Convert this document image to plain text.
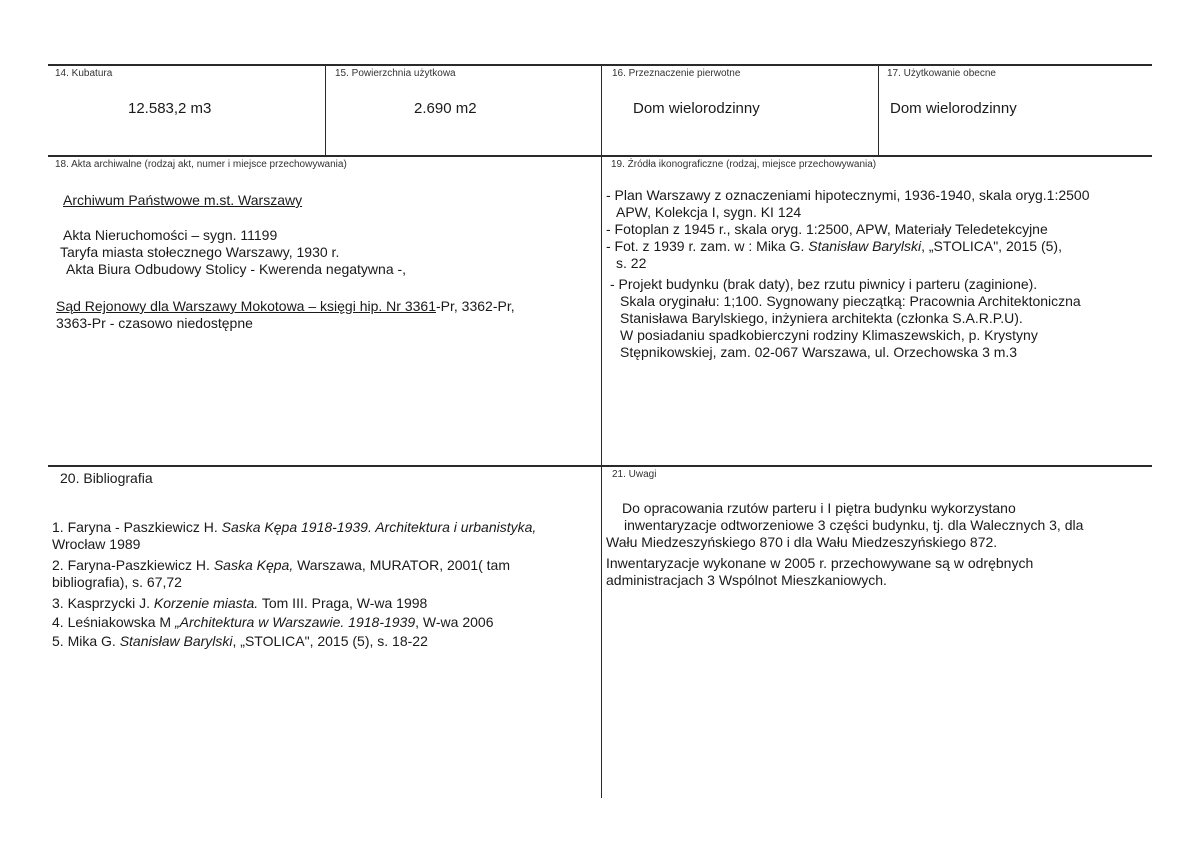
14. Kubatura
12.583,2 m3
15. Powierzchnia użytkowa
2.690 m2
16. Przeznaczenie pierwotne
Dom wielorodzinny
17. Użytkowanie obecne
Dom wielorodzinny
18. Akta archiwalne (rodzaj akt, numer i miejsce przechowywania)
Archiwum Państwowe m.st. Warszawy
Akta Nieruchomości – sygn. 11199
Taryfa miasta stołecznego Warszawy, 1930 r.
Akta Biura Odbudowy Stolicy - Kwerenda negatywna -,
Sąd Rejonowy dla Warszawy Mokotowa – księgi hip. Nr 3361-Pr, 3362-Pr,
3363-Pr - czasowo niedostępne
19. Źródła ikonograficzne (rodzaj, miejsce przechowywania)
- Plan Warszawy z oznaczeniami hipotecznymi, 1936-1940, skala oryg.1:2500
APW, Kolekcja I, sygn. KI 124
- Fotoplan z 1945 r., skala oryg. 1:2500, APW, Materiały Teledetekcyjne
- Fot. z 1939 r. zam. w : Mika G. Stanisław Barylski, „STOLICA", 2015 (5),
s. 22
- Projekt budynku (brak daty), bez rzutu piwnicy i parteru (zaginione).
Skala oryginału: 1;100. Sygnowany pieczątką: Pracownia Architektoniczna
Stanisława Barylskiego, inżyniera architekta (członka S.A.R.P.U).
W posiadaniu spadkobierczyni rodziny Klimaszewskich, p. Krystyny
Stępnikowskiej, zam. 02-067 Warszawa, ul. Orzechowska 3 m.3
20. Bibliografia
1. Faryna - Paszkiewicz H. Saska Kępa 1918-1939. Architektura i urbanistyka,
Wrocław 1989
2. Faryna-Paszkiewicz H. Saska Kępa, Warszawa, MURATOR, 2001( tam
bibliografia), s. 67,72
3. Kasprzycki J. Korzenie miasta. Tom III. Praga, W-wa 1998
4. Leśniakowska M „Architektura w Warszawie. 1918-1939, W-wa 2006
5. Mika G. Stanisław Barylski, „STOLICA", 2015 (5), s. 18-22
21. Uwagi
Do opracowania rzutów parteru i I piętra budynku wykorzystano
inwentaryzacje odtworzeniowe 3 części budynku, tj. dla Walecznych 3, dla
Wału Miedzeszyńskiego 870 i dla Wału Miedzeszyńskiego 872.
Inwentaryzacje wykonane w 2005 r. przechowywane są w odrębnych
administracjach 3 Wspólnot Mieszkaniowych.
